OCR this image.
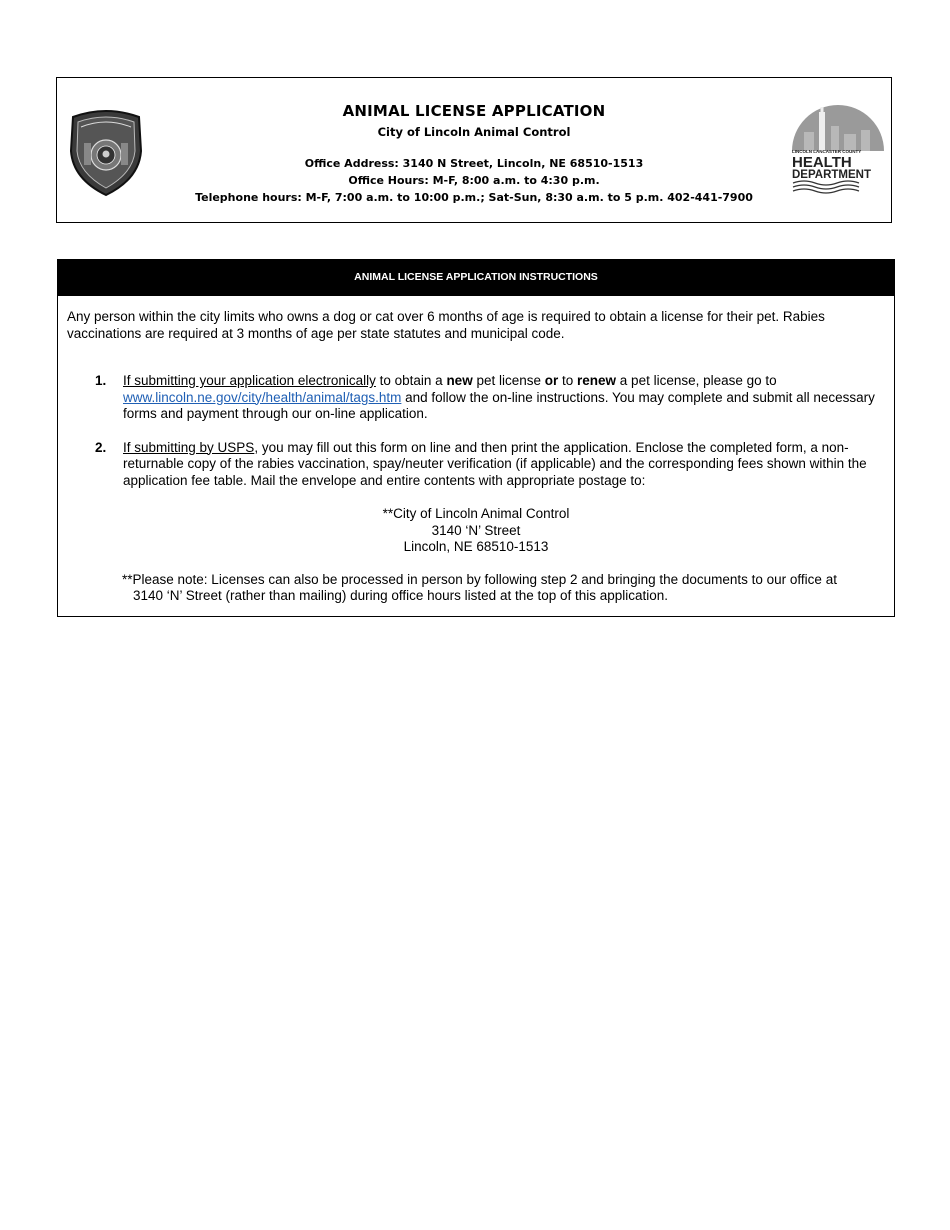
ANIMAL LICENSE APPLICATION
City of Lincoln Animal Control
Office Address: 3140 N Street, Lincoln, NE 68510-1513
Office Hours: M-F, 8:00 a.m. to 4:30 p.m.
Telephone hours: M-F, 7:00 a.m. to 10:00 p.m.; Sat-Sun, 8:30 a.m. to 5 p.m. 402-441-7900
LINCOLN LANCASTER COUNTY
HEALTH
DEPARTMENT
ANIMAL LICENSE APPLICATION INSTRUCTIONS
Any person within the city limits who owns a dog or cat over 6 months of age is required to obtain a license for their pet. Rabies vaccinations are required at 3 months of age per state statutes and municipal code.
1. If submitting your application electronically to obtain a new pet license or to renew a pet license, please go to www.lincoln.ne.gov/city/health/animal/tags.htm and follow the on-line instructions. You may complete and submit all necessary forms and payment through our on-line application.
2. If submitting by USPS, you may fill out this form on line and then print the application. Enclose the completed form, a non-returnable copy of the rabies vaccination, spay/neuter verification (if applicable) and the corresponding fees shown within the application fee table. Mail the envelope and entire contents with appropriate postage to:
**City of Lincoln Animal Control
3140 ‘N’ Street
Lincoln, NE 68510-1513
**Please note: Licenses can also be processed in person by following step 2 and bringing the documents to our office at 3140 ‘N’ Street (rather than mailing) during office hours listed at the top of this application.
